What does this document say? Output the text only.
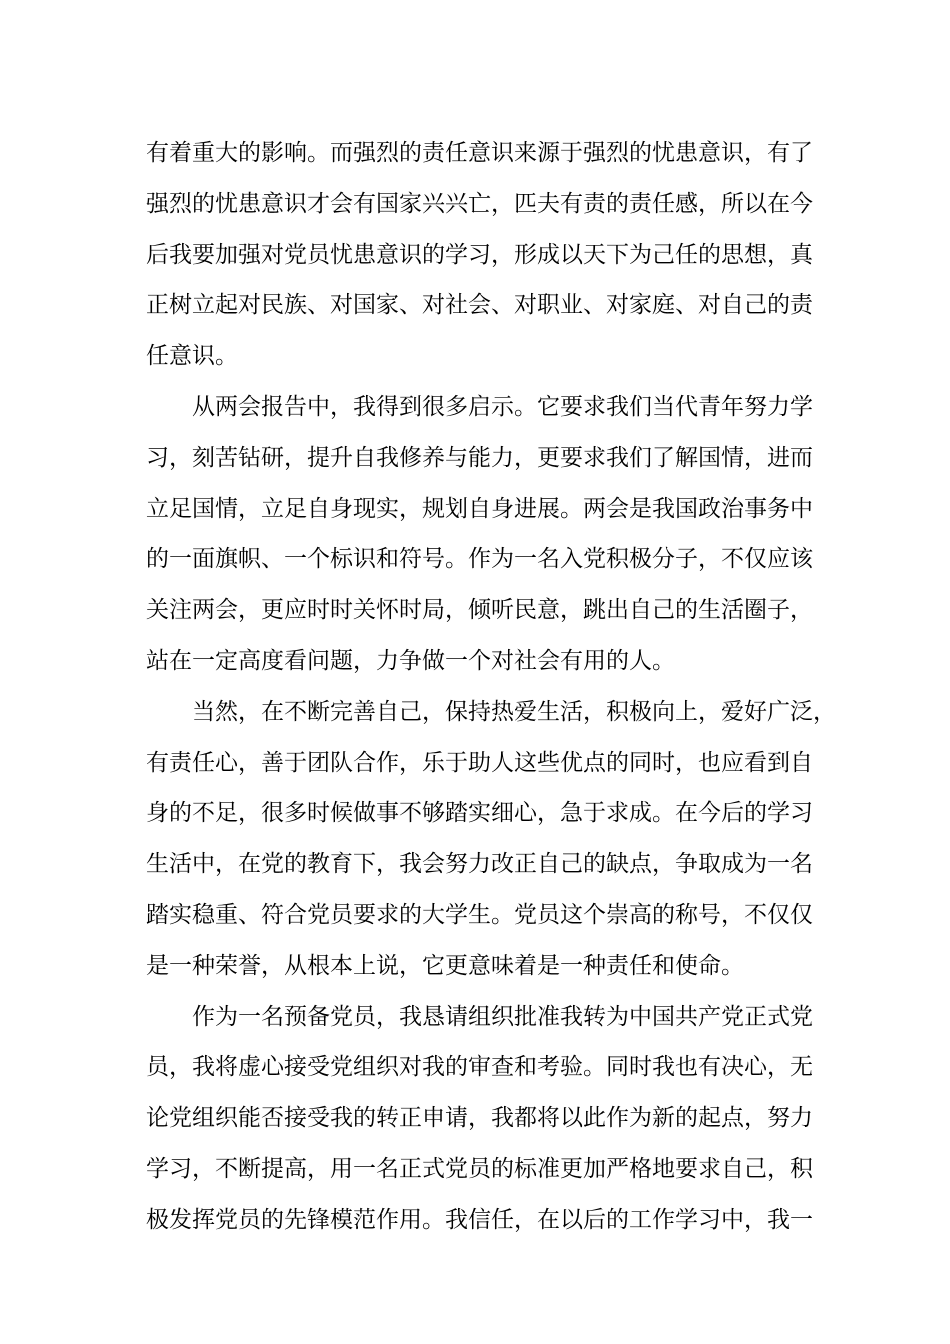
有着重大的影响。而强烈的责任意识来源于强烈的忧患意识，有了
强烈的忧患意识才会有国家兴兴亡，匹夫有责的责任感，所以在今
后我要加强对党员忧患意识的学习，形成以天下为己任的思想，真
正树立起对民族、对国家、对社会、对职业、对家庭、对自己的责
任意识。
从两会报告中，我得到很多启示。它要求我们当代青年努力学
习，刻苦钻研，提升自我修养与能力，更要求我们了解国情，进而
立足国情，立足自身现实，规划自身进展。两会是我国政治事务中
的一面旗帜、一个标识和符号。作为一名入党积极分子，不仅应该
关注两会，更应时时关怀时局，倾听民意，跳出自己的生活圈子，
站在一定高度看问题，力争做一个对社会有用的人。
当然，在不断完善自己，保持热爱生活，积极向上，爱好广泛，
有责任心，善于团队合作，乐于助人这些优点的同时，也应看到自
身的不足，很多时候做事不够踏实细心，急于求成。在今后的学习
生活中，在党的教育下，我会努力改正自己的缺点，争取成为一名
踏实稳重、符合党员要求的大学生。党员这个崇高的称号，不仅仅
是一种荣誉，从根本上说，它更意味着是一种责任和使命。
作为一名预备党员，我恳请组织批准我转为中国共产党正式党
员，我将虚心接受党组织对我的审查和考验。同时我也有决心，无
论党组织能否接受我的转正申请，我都将以此作为新的起点，努力
学习，不断提高，用一名正式党员的标准更加严格地要求自己，积
极发挥党员的先锋模范作用。我信任，在以后的工作学习中，我一
